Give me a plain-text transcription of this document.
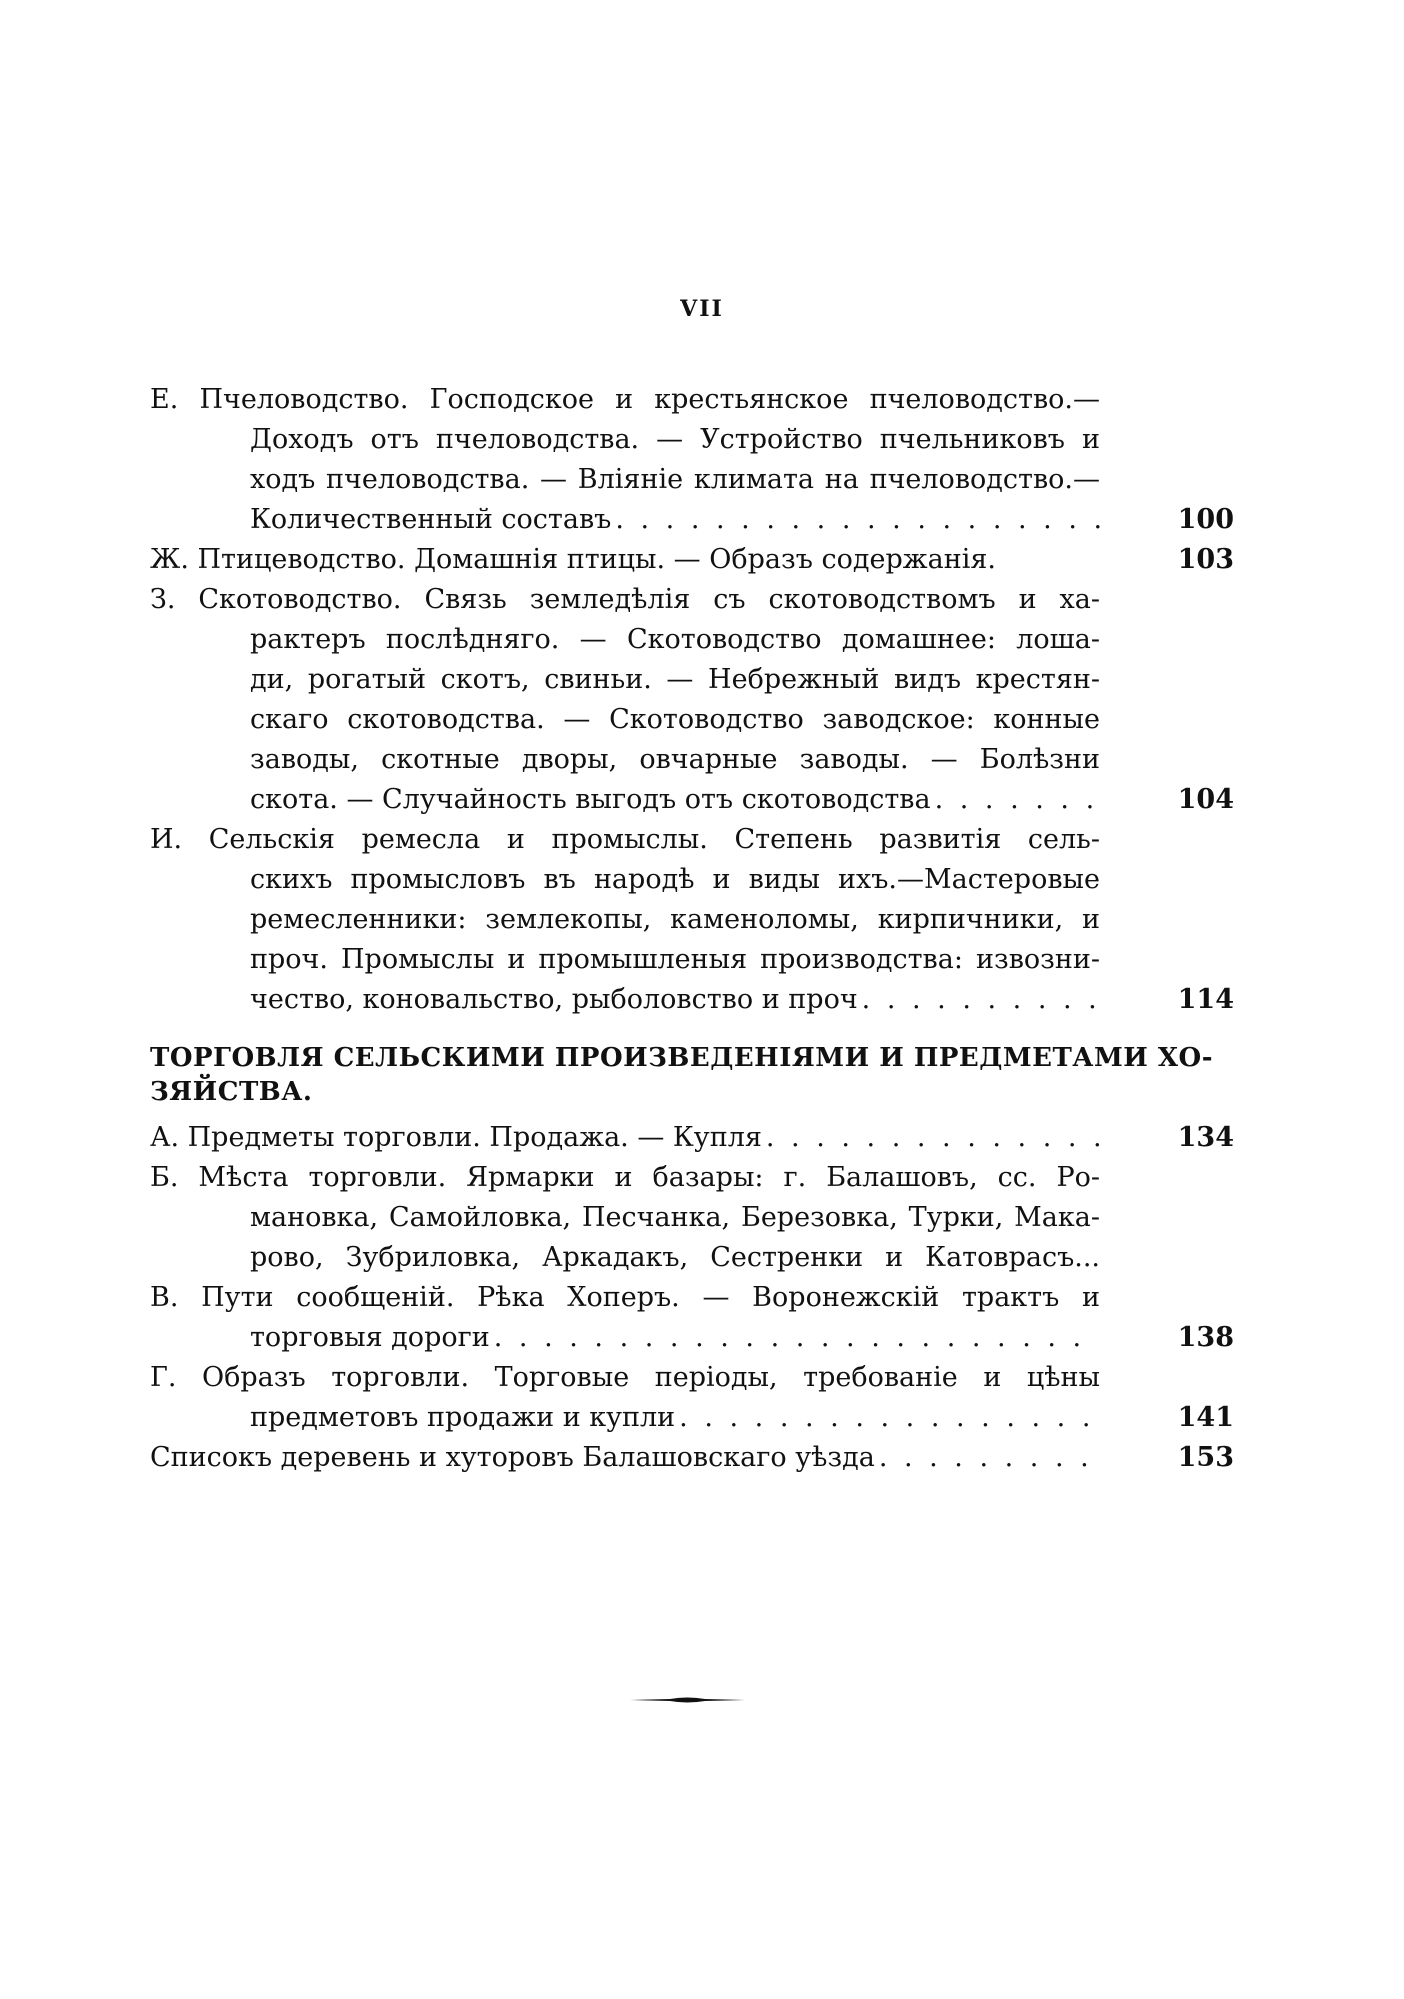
VII
Е. Пчеловодство. Господское и крестьянское пчеловодство.—
Доходъ отъ пчеловодства. — Устройство пчельниковъ и
ходъ пчеловодства. — Вліяніе климата на пчеловодство.—
Количественный составъ . . .	100
Ж. Птицеводство. Домашнія птицы. — Образъ содержанія.	103
З. Скотоводство. Связь земледѣлія съ скотоводствомъ и ха-
рактеръ послѣдняго. — Скотоводство домашнее: лоша-
ди, рогатый скотъ, свиньи. — Небрежный видъ крестян-
скаго скотоводства. — Скотоводство заводское: конные
заводы, скотные дворы, овчарные заводы. — Болѣзни
скота. — Случайность выгодъ отъ скотоводства . . .	104
И. Сельскія ремесла и промыслы. Степень развитія сель-
скихъ промысловъ въ народѣ и виды ихъ.—Мастеровые
ремесленники: землекопы, каменоломы, кирпичники, и
проч. Промыслы и промышленыя производства: извозни-
чество, коновальство, рыболовство и проч . . .	114
ТОРГОВЛЯ СЕЛЬСКИМИ ПРОИЗВЕДЕНІЯМИ И ПРЕДМЕТАМИ ХО-
ЗЯЙСТВА.
А. Предметы торговли. Продажа. — Купля . . .	134
Б. Мѣста торговли. Ярмарки и базары: г. Балашовъ, сс. Ро-
мановка, Самойловка, Песчанка, Березовка, Турки, Мака-
рово, Зубриловка, Аркадакъ, Сестренки и Катоврасъ...
В. Пути сообщеній. Рѣка Хоперъ. — Воронежскій трактъ и
торговыя дороги . . .	138
Г. Образъ торговли. Торговые періоды, требованіе и цѣны
предметовъ продажи и купли . . .	141
Списокъ деревень и хуторовъ Балашовскаго уѣзда . . .	153
